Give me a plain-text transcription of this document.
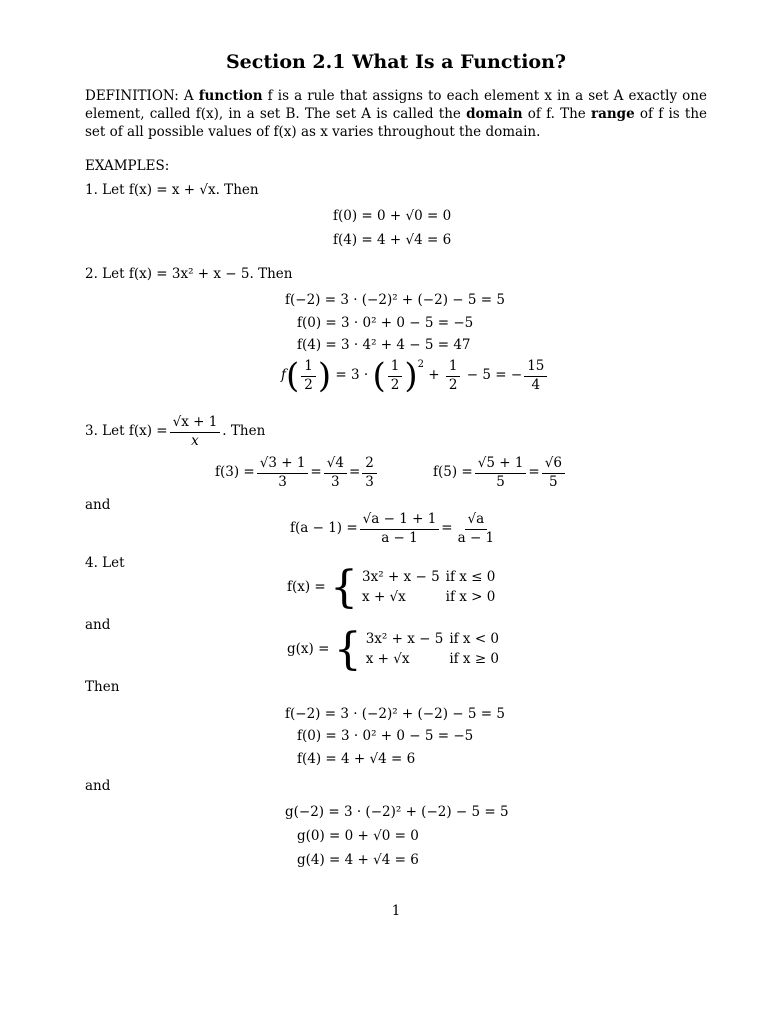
Section 2.1 What Is a Function?
DEFINITION: A function f is a rule that assigns to each element x in a set A exactly one element, called f(x), in a set B. The set A is called the domain of f. The range of f is the set of all possible values of f(x) as x varies throughout the domain.
EXAMPLES:
1. Let f(x) = x + √x. Then
f(0) = 0 + √0 = 0
f(4) = 4 + √4 = 6
2. Let f(x) = 3x² + x − 5. Then
f(−2) = 3 · (−2)² + (−2) − 5 = 5
f(0) = 3 · 0² + 0 − 5 = −5
f(4) = 3 · 4² + 4 − 5 = 47
f ( $\frac{1}{2}$ ) = 3 · ( $\frac{1}{2} )^2$
+ $\frac{1}{2} - 5$ = − $\frac{15}{4}$
3. Let $f(x) = \frac{√x + 1}{x}$ . Then
$f(3) = \frac{√3 + 1}{3} = \frac{√4}{3} = \frac{2}{3}$	$f(5) = \frac{√5 + 1}{5} = \frac{√6}{5}$
and
$f(a - 1) = \frac{√a - 1 + 1}{a - 1} = \frac{√a}{a - 1}$
4. Let
f(x) =
{ 3x² + x − 5	if x ≤ 0
x + √x	if x > 0
and
g(x) =
{ 3x² + x − 5	if x < 0
x + √x	if x ≥ 0
Then
f(−2) = 3 · (−2)² + (−2) − 5 = 5
f(0) = 3 · 0² + 0 − 5 = −5
f(4) = 4 + √4 = 6
and
g(−2) = 3 · (−2)² + (−2) − 5 = 5
g(0) = 0 + √0 = 0
g(4) = 4 + √4 = 6
1
